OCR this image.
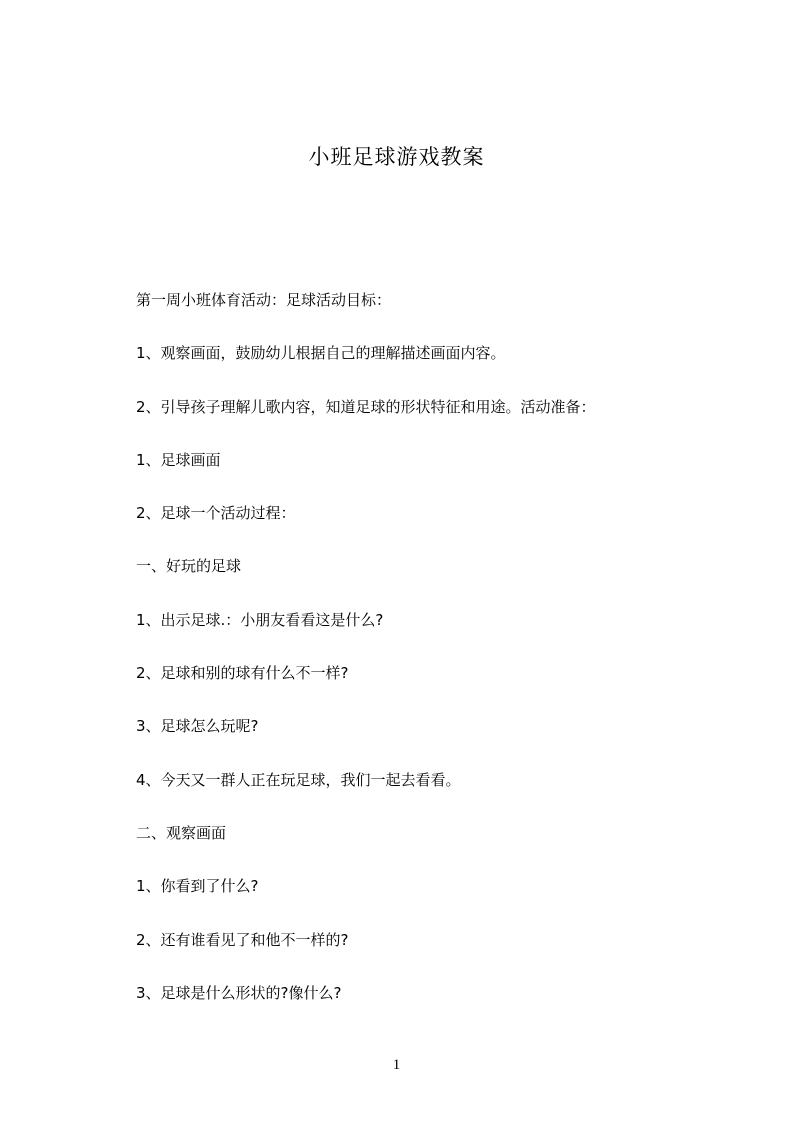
小班足球游戏教案

第一周小班体育活动：足球活动目标：

1、观察画面，鼓励幼儿根据自己的理解描述画面内容。

2、引导孩子理解儿歌内容，知道足球的形状特征和用途。活动准备：

1、足球画面

2、足球一个活动过程：

一、好玩的足球

1、出示足球.：小朋友看看这是什么?

2、足球和别的球有什么不一样?

3、足球怎么玩呢?

4、今天又一群人正在玩足球，我们一起去看看。

二、观察画面

1、你看到了什么?

2、还有谁看见了和他不一样的?

3、足球是什么形状的?像什么?

1
